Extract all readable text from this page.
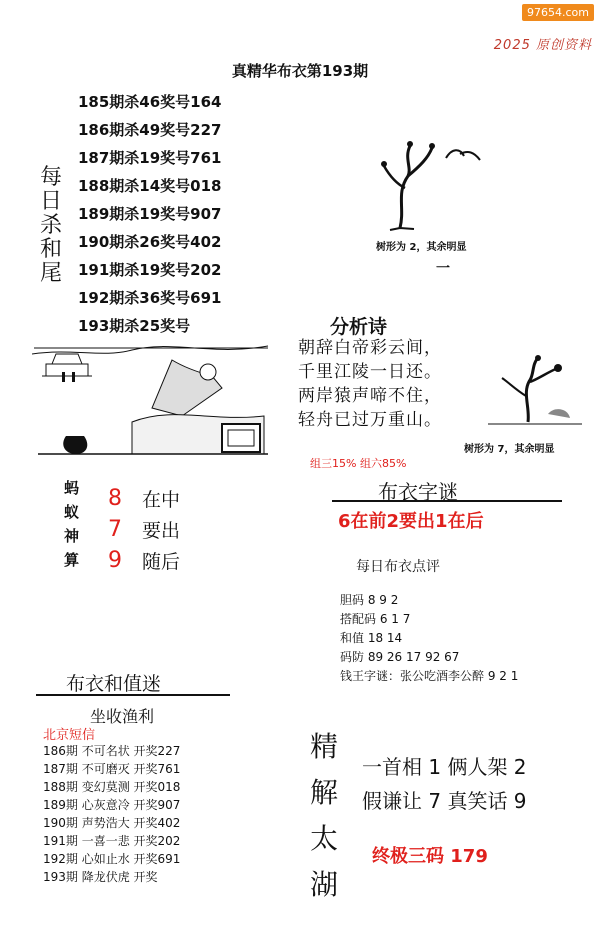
97654.com
2025 原创资料
真精华布衣第193期
185期杀46奖号164
186期杀49奖号227
187期杀19奖号761
188期杀14奖号018
189期杀19奖号907
190期杀26奖号402
191期杀19奖号202
192期杀36奖号691
193期杀25奖号
每日杀和尾
树形为 2，其余明显
一
分析诗
朝辞白帝彩云间，
千里江陵一日还。
两岸猿声啼不住，
轻舟已过万重山。
树形为 7，其余明显
组三15% 组六85%
布衣字谜
6在前2要出1在后
蚂
蚁
神
算
8
7
9
在中
要出
随后	每日布衣点评
胆码 8 9 2
搭配码 6 1 7
和值 18 14
码防 89 26 17 92 67
钱王字谜：张公吃酒李公醉 9 2 1
布衣和值迷
坐收渔利
北京短信
186期 不可名状 开奖227
187期 不可磨灭 开奖761
188期 变幻莫测 开奖018
189期 心灰意冷 开奖907
190期 声势浩大 开奖402
191期 一喜一悲 开奖202
192期 心如止水 开奖691
193期 降龙伏虎 开奖
精
解
太
湖
一首相 1 俩人架 2
假谦让 7 真笑话 9
终极三码 179
